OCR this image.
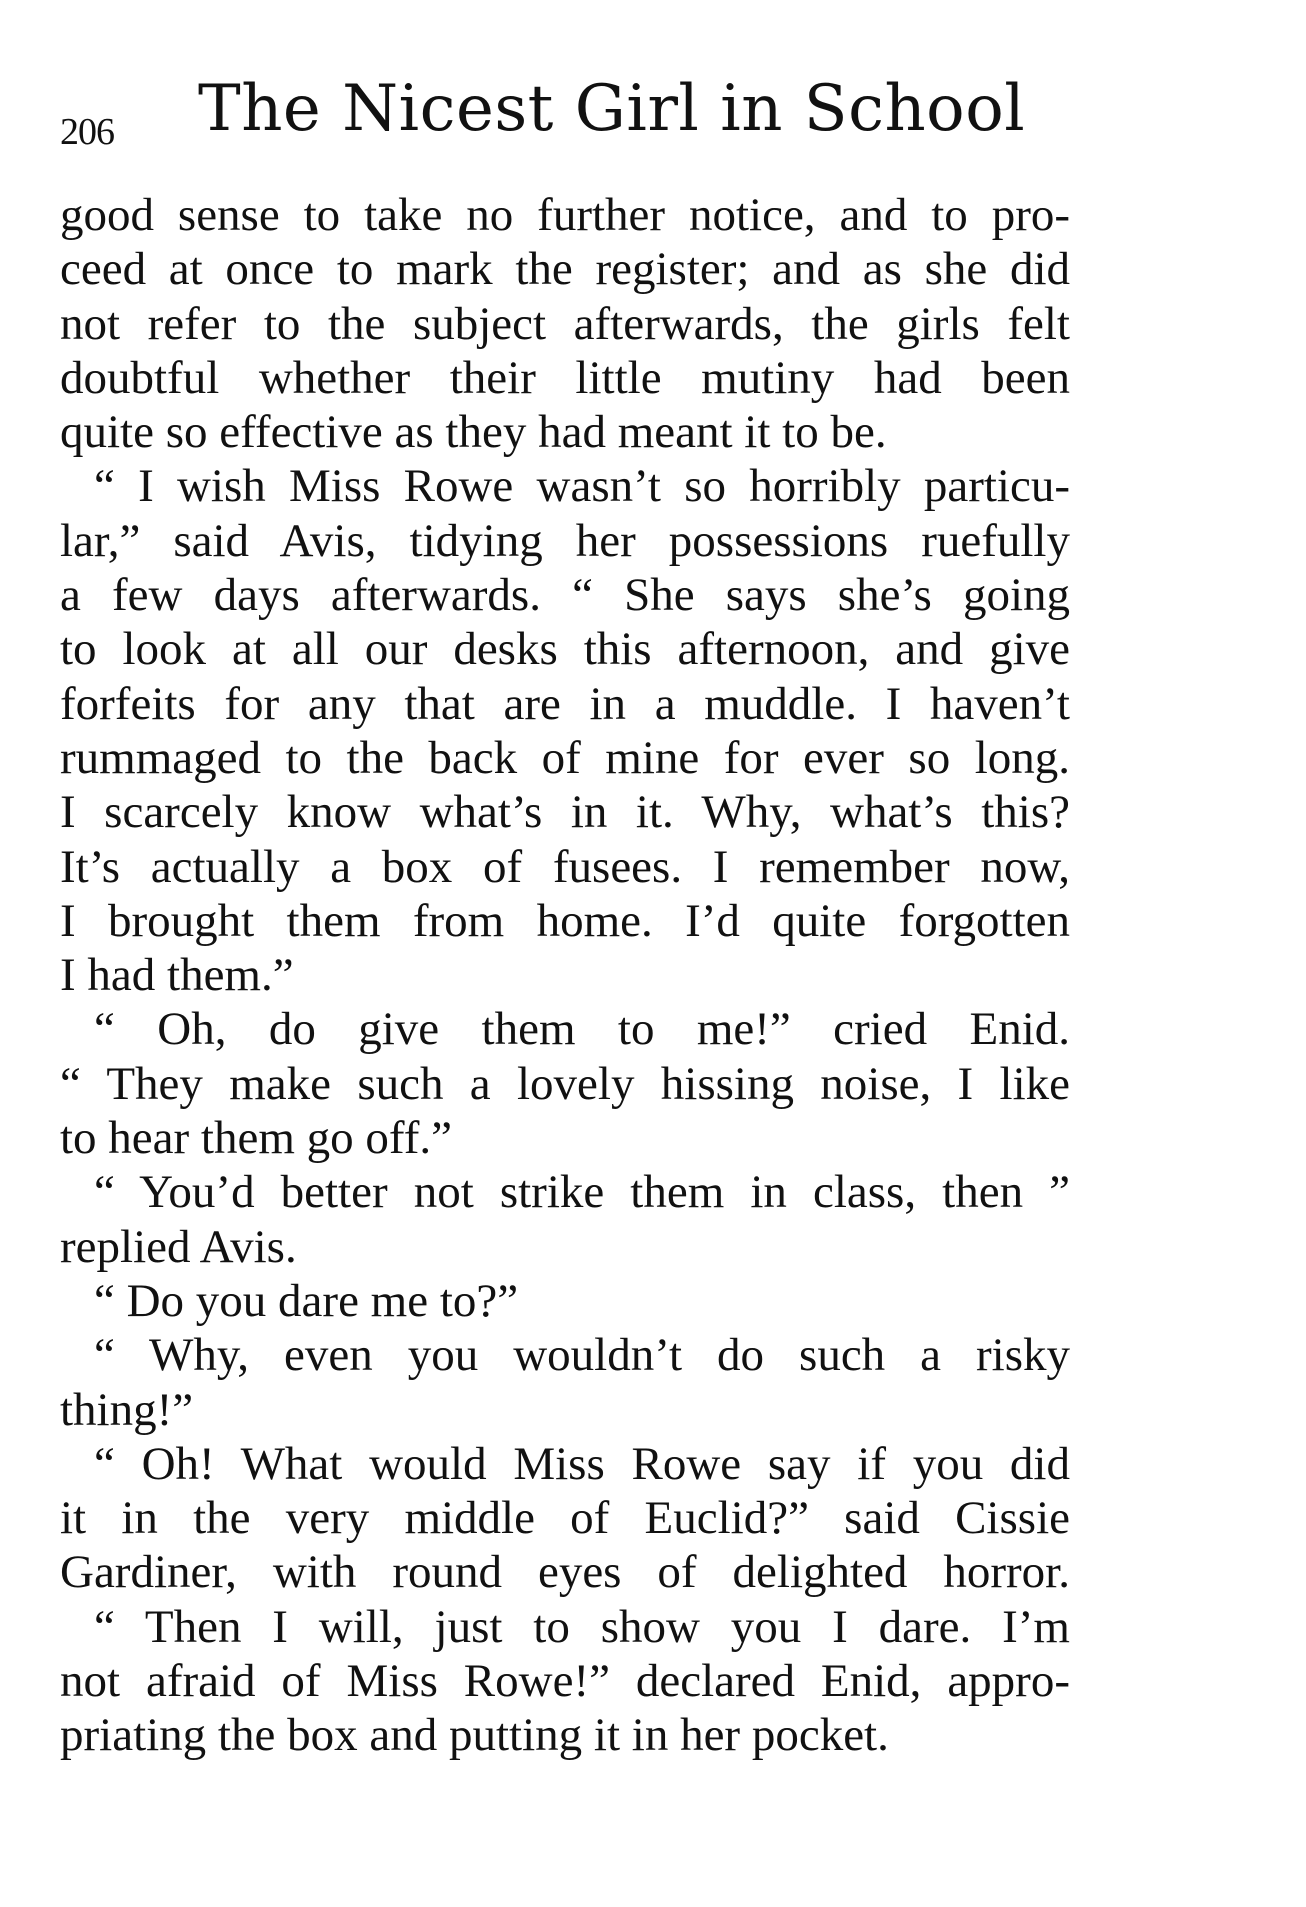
206 The Nicest Girl in School
good sense to take no further notice, and to pro-
ceed at once to mark the register; and as she did
not refer to the subject afterwards, the girls felt
doubtful whether their little mutiny had been
quite so effective as they had meant it to be.
“ I wish Miss Rowe wasn’t so horribly particu-
lar,” said Avis, tidying her possessions ruefully
a few days afterwards. “ She says she’s going
to look at all our desks this afternoon, and give
forfeits for any that are in a muddle. I haven’t
rummaged to the back of mine for ever so long.
I scarcely know what’s in it. Why, what’s this?
It’s actually a box of fusees. I remember now,
I brought them from home. I’d quite forgotten
I had them.”
“ Oh, do give them to me!” cried Enid.
“ They make such a lovely hissing noise, I like
to hear them go off.”
“ You’d better not strike them in class, then ”
replied Avis.
“ Do you dare me to?”
“ Why, even you wouldn’t do such a risky
thing!”
“ Oh! What would Miss Rowe say if you did
it in the very middle of Euclid?” said Cissie
Gardiner, with round eyes of delighted horror.
“ Then I will, just to show you I dare. I’m
not afraid of Miss Rowe!” declared Enid, appro-
priating the box and putting it in her pocket.
